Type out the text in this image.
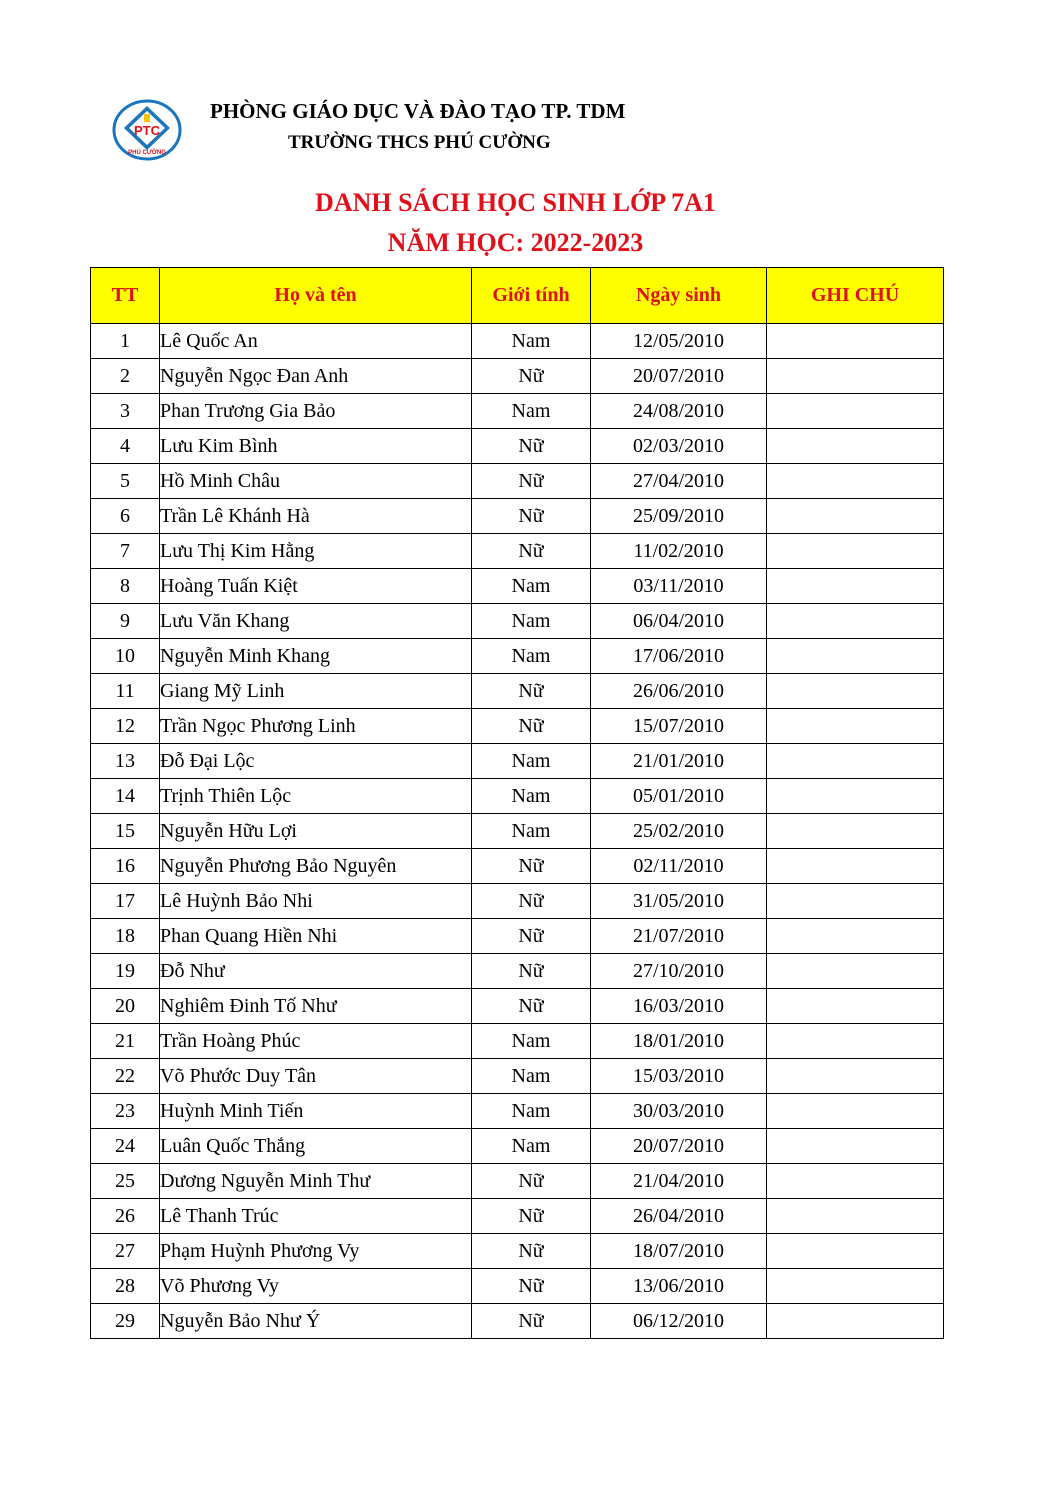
PTC
PHÚ CƯỜNG
PHÒNG GIÁO DỤC VÀ ĐÀO TẠO TP. TDM
TRƯỜNG THCS PHÚ CƯỜNG
DANH SÁCH HỌC SINH LỚP 7A1
NĂM HỌC: 2022-2023
TT	Họ và tên	Giới tính	Ngày sinh	GHI CHÚ
1	Lê Quốc An	Nam	12/05/2010	
2	Nguyễn Ngọc Đan Anh	Nữ	20/07/2010	
3	Phan Trương Gia Bảo	Nam	24/08/2010	
4	Lưu Kim Bình	Nữ	02/03/2010	
5	Hồ Minh Châu	Nữ	27/04/2010	
6	Trần Lê Khánh Hà	Nữ	25/09/2010	
7	Lưu Thị Kim Hằng	Nữ	11/02/2010	
8	Hoàng Tuấn Kiệt	Nam	03/11/2010	
9	Lưu Văn Khang	Nam	06/04/2010	
10	Nguyễn Minh Khang	Nam	17/06/2010	
11	Giang Mỹ Linh	Nữ	26/06/2010	
12	Trần Ngọc Phương Linh	Nữ	15/07/2010	
13	Đỗ Đại Lộc	Nam	21/01/2010	
14	Trịnh Thiên Lộc	Nam	05/01/2010	
15	Nguyễn Hữu Lợi	Nam	25/02/2010	
16	Nguyễn Phương Bảo Nguyên	Nữ	02/11/2010	
17	Lê Huỳnh Bảo Nhi	Nữ	31/05/2010	
18	Phan Quang Hiền Nhi	Nữ	21/07/2010	
19	Đỗ Như	Nữ	27/10/2010	
20	Nghiêm Đinh Tố Như	Nữ	16/03/2010	
21	Trần Hoàng Phúc	Nam	18/01/2010	
22	Võ Phước Duy Tân	Nam	15/03/2010	
23	Huỳnh Minh Tiến	Nam	30/03/2010	
24	Luân Quốc Thắng	Nam	20/07/2010	
25	Dương Nguyễn Minh Thư	Nữ	21/04/2010	
26	Lê Thanh Trúc	Nữ	26/04/2010	
27	Phạm Huỳnh Phương Vy	Nữ	18/07/2010	
28	Võ Phương Vy	Nữ	13/06/2010	
29	Nguyễn Bảo Như Ý	Nữ	06/12/2010	
